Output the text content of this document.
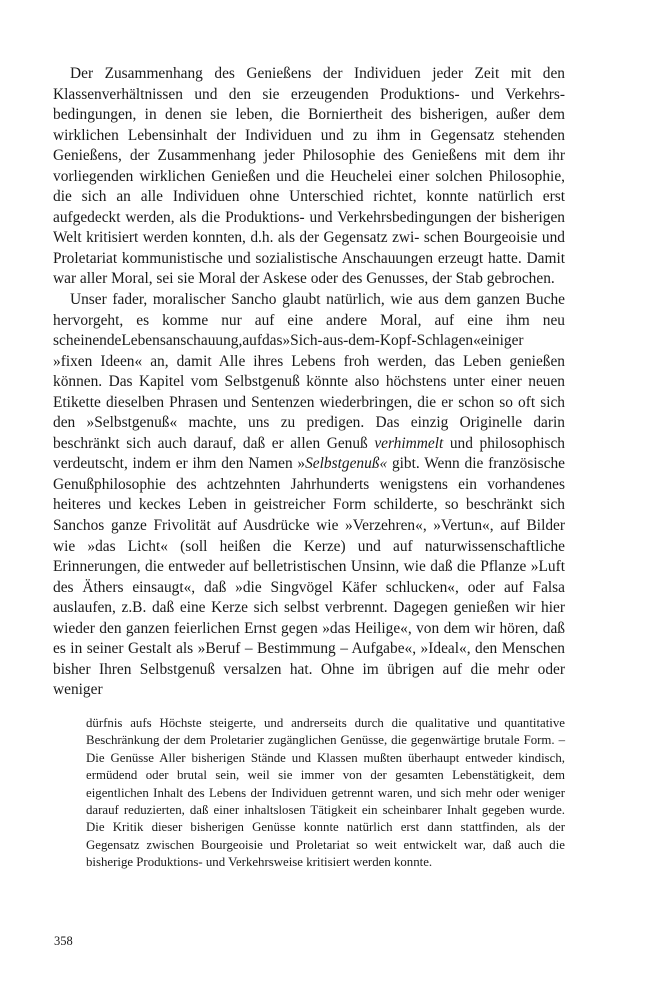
Der Zusammenhang des Genießens der Individuen jeder Zeit mit den Klassenverhältnissen und den sie erzeugenden Produktions- und Verkehrsbedingungen, in denen sie leben, die Borniertheit des bisherigen, außer dem wirklichen Lebensinhalt der Individuen und zu ihm in Gegensatz stehenden Genießens, der Zusammenhang jeder Philosophie des Genießens mit dem ihr vorliegenden wirklichen Genießen und die Heuchelei einer solchen Philosophie, die sich an alle Individuen ohne Unterschied richtet, konnte natürlich erst aufgedeckt werden, als die Produktions- und Verkehrsbedingungen der bisherigen Welt kritisiert werden konnten, d.h. als der Gegensatz zwi- schen Bourgeoisie und Proletariat kommunistische und sozialistische Anschauungen erzeugt hatte. Damit war aller Moral, sei sie Moral der Askese oder des Genusses, der Stab gebrochen.

Unser fader, moralischer Sancho glaubt natürlich, wie aus dem ganzen Buche hervorgeht, es komme nur auf eine andere Moral, auf eine ihm neu scheinendeLebensanschauung,aufdas»Sich-aus-dem-Kopf-Schlagen«einiger »fixen Ideen« an, damit Alle ihres Lebens froh werden, das Leben genießen können. Das Kapitel vom Selbstgenuß könnte also höchstens unter einer neuen Etikette dieselben Phrasen und Sentenzen wiederbringen, die er schon so oft sich den »Selbstgenuß« machte, uns zu predigen. Das einzig Originelle darin beschränkt sich auch darauf, daß er allen Genuß verhimmelt und philosophisch verdeutscht, indem er ihm den Namen »Selbstgenuß« gibt. Wenn die französische Genußphilosophie des achtzehnten Jahrhunderts wenigstens ein vorhandenes heiteres und keckes Leben in geistreicher Form schilderte, so beschränkt sich Sanchos ganze Frivolität auf Ausdrücke wie »Verzehren«, »Vertun«, auf Bilder wie »das Licht« (soll heißen die Kerze) und auf naturwissenschaftliche Erinnerungen, die entweder auf belletristischen Unsinn, wie daß die Pflanze »Luft des Äthers einsaugt«, daß »die Singvögel Käfer schlucken«, oder auf Falsa auslaufen, z.B. daß eine Kerze sich selbst verbrennt. Dagegen genießen wir hier wieder den ganzen feierlichen Ernst gegen »das Heilige«, von dem wir hören, daß es in seiner Gestalt als »Beruf – Bestimmung – Aufgabe«, »Ideal«, den Menschen bisher Ihren Selbstgenuß versalzen hat. Ohne im übrigen auf die mehr oder weniger

dürfnis aufs Höchste steigerte, und andrerseits durch die qualitative und quantitative Beschränkung der dem Proletarier zugänglichen Genüsse, die gegenwärtige brutale Form. – Die Genüsse Aller bisherigen Stände und Klassen mußten überhaupt entweder kindisch, ermüdend oder brutal sein, weil sie immer von der gesamten Lebenstätigkeit, dem eigentlichen Inhalt des Lebens der Individuen getrennt waren, und sich mehr oder weniger darauf reduzierten, daß einer inhaltslosen Tätigkeit ein scheinbarer Inhalt gegeben wurde. Die Kritik dieser bisherigen Genüsse konnte natürlich erst dann stattfinden, als der Gegensatz zwischen Bourgeoisie und Proletariat so weit entwickelt war, daß auch die bisherige Produktions- und Verkehrsweise kritisiert werden konnte.

358
